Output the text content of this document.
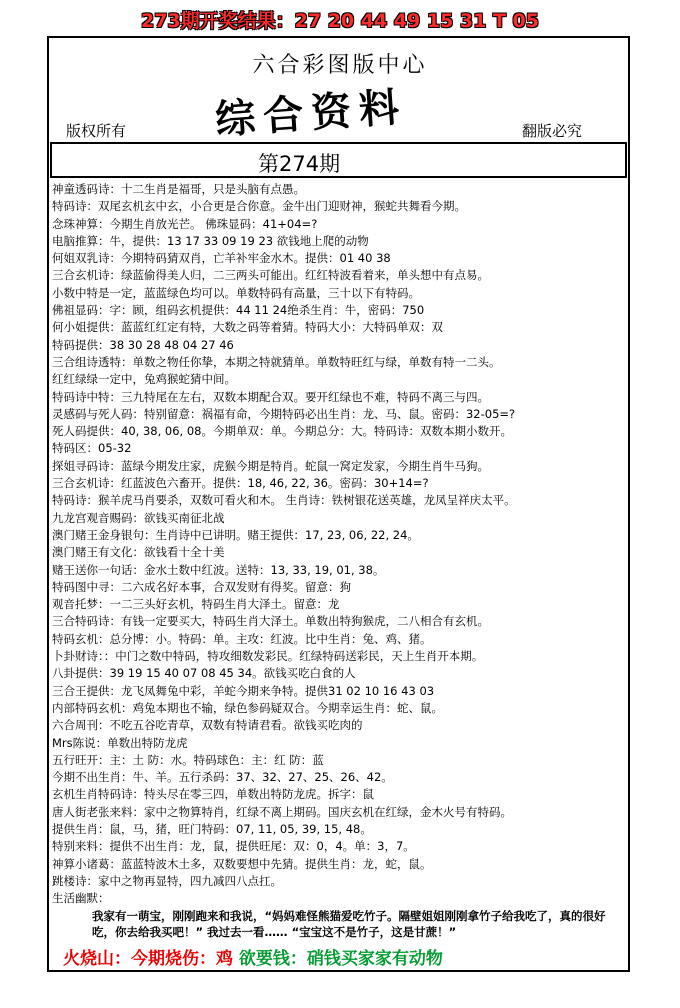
273期开奖结果：27 20 44 49 15 31 T 05
六合彩图版中心
综合资料
版权所有	翻版必究
第274期
神童透码诗：十二生肖是福哥，只是头脑有点愚。
特码诗：双尾玄机玄中玄，小合更是合你意。金牛出门迎财神，猴蛇共舞看今期。
念珠神算：今期生肖放光芒。 佛珠显码：41+04=?
电脑推算：牛，提供：13 17 33 09 19 23 欲钱地上爬的动物
何姐双乳诗：今期特码猜双肖，亡羊补牢金水木。提供：01 40 38
三合玄机诗：绿蓝偷得美人归，二三两头可能出。红红特波看着来，单头想中有点易。
小数中特是一定，蓝蓝绿色均可以。单数特码有高量，三十以下有特码。
佛祖显码：字：顾，组码玄机提供：44 11 24绝杀生肖：牛，密码：750
何小姐提供：蓝蓝红红定有特，大数之码等着猜。特码大小：大特码单双：双
特码提供：38 30 28 48 04 27 46
三合组诗透特：单数之物任你挚，本期之特就猜单。单数特旺红与绿，单数有特一二头。
红红绿绿一定中，兔鸡猴蛇猜中间。
特码诗中特：三九特尾在左右，双数本期配合双。要开红绿也不难，特码不离三与四。
灵感码与死人码：特别留意：祸福有命，今期特码必出生肖：龙、马、鼠。密码：32-05=?
死人码提供：40, 38, 06, 08。今期单双：单。今期总分：大。特码诗：双数本期小数开。
特码区：05-32
探姐寻码诗：蓝绿今期发庄家，虎猴今期是特肖。蛇鼠一窝定发家，今期生肖牛马狗。
三合玄机诗：红蓝波色六畜开。提供：18, 46, 22, 36。密码：30+14=?
特码诗：猴羊虎马肖要杀，双数可看火和木。 生肖诗：铁树银花送英雄，龙凤呈祥庆太平。
九龙宫观音赐码：欲钱买南征北战
澳门赌王金身银句：生肖诗中已讲明。赌王提供：17, 23, 06, 22, 24。
澳门赌王有文化：欲钱看十全十美
赌王送你一句话：金水土数中红波。送特：13, 33, 19, 01, 38。
特码图中寻：二六成名好本事，合双发财有得奖。留意：狗
观音托梦：一二三头好玄机，特码生肖大泽土。留意：龙
三合特码诗：有钱一定要买大，特码生肖大泽土。单数出特狗猴虎，二八相合有玄机。
特码玄机：总分博：小。特码：单。主攻：红波。比中生肖：兔、鸡、猪。
卜卦财诗：：中门之数中特码，特攻细数发彩民。红绿特码送彩民，天上生肖开本期。
八卦提供：39 19 15 40 07 08 45 34。欲钱买吃白食的人
三合王提供：龙飞凤舞兔中彩，羊蛇今期来争特。提供31 02 10 16 43 03
内部特码玄机：鸡兔本期也不输，绿色参码疑双合。今期幸运生肖：蛇、鼠。
六合周刊：不吃五谷吃青草，双数有特请君看。欲钱买吃肉的
Mrs陈说：单数出特防龙虎
五行旺开：主：土 防：水。特码球色：主：红 防：蓝
今期不出生肖：牛、羊。五行杀码：37、32、27、25、26、42。
玄机生肖特码诗：特头尽在零三四，单数出特防龙虎。拆字：鼠
唐人街老张来料：家中之物算特肖，红绿不离上期码。国庆玄机在红绿，金木火号有特码。
提供生肖：鼠，马，猪，旺门特码：07, 11, 05, 39, 15, 48。
特别来料：提供不出生肖：龙，鼠，提供旺尾：双：0，4。单：3，7。
神算小诸葛：蓝蓝特波木土多，双数要想中先猜。提供生肖：龙，蛇，鼠。
跳楼诗：家中之物再显特，四九减四八点扛。
生活幽默：
我家有一萌宝，刚刚跑来和我说，“妈妈难怪熊猫爱吃竹子。隔壁姐姐刚刚拿竹子给我吃了，真的很好吃，你去给我买吧！” 我过去一看…… “宝宝这不是竹子，这是甘蔗！”
火烧山：今期烧伤：鸡 欲要钱：硝钱买家家有动物
